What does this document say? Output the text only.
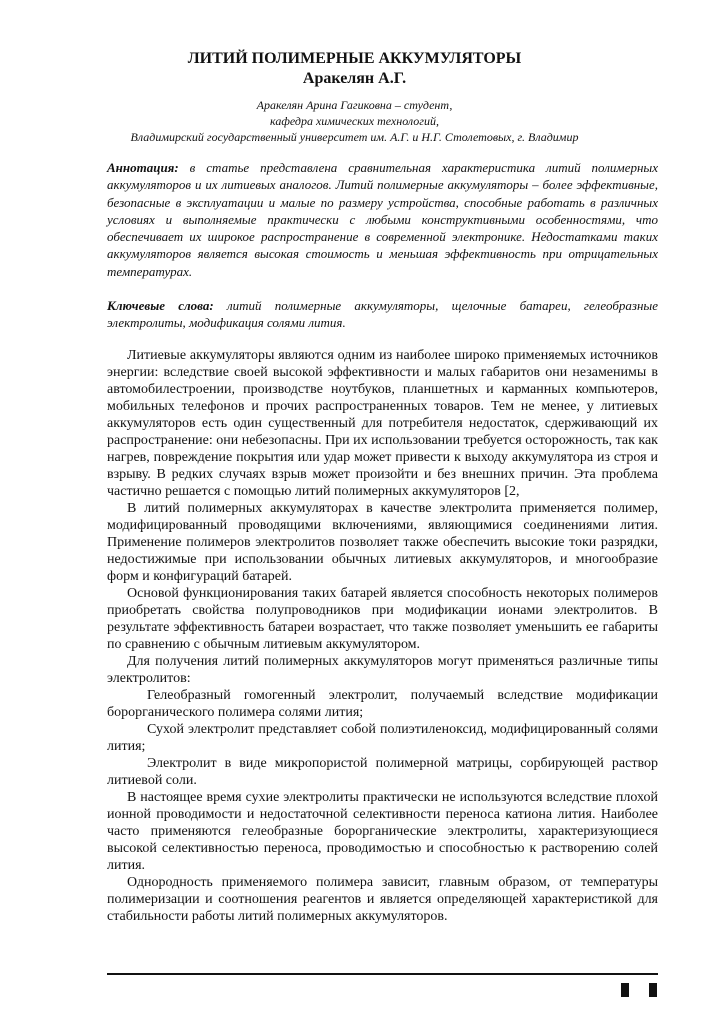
ЛИТИЙ ПОЛИМЕРНЫЕ АККУМУЛЯТОРЫ
Аракелян А.Г.
Аракелян Арина Гагиковна – студент,
кафедра химических технологий,
Владимирский государственный университет им. А.Г. и Н.Г. Столетовых, г. Владимир
Аннотация: в статье представлена сравнительная характеристика литий полимерных аккумуляторов и их литиевых аналогов. Литий полимерные аккумуляторы – более эффективные, безопасные в эксплуатации и малые по размеру устройства, способные работать в различных условиях и выполняемые практически с любыми конструктивными особенностями, что обеспечивает их широкое распространение в современной электронике. Недостатками таких аккумуляторов является высокая стоимость и меньшая эффективность при отрицательных температурах.
Ключевые слова: литий полимерные аккумуляторы, щелочные батареи, гелеобразные электролиты, модификация солями лития.

Литиевые аккумуляторы являются одним из наиболее широко применяемых источников энергии: вследствие своей высокой эффективности и малых габаритов они незаменимы в автомобилестроении, производстве ноутбуков, планшетных и карманных компьютеров, мобильных телефонов и прочих распространенных товаров. Тем не менее, у литиевых аккумуляторов есть один существенный для потребителя недостаток, сдерживающий их распространение: они небезопасны. При их использовании требуется осторожность, так как нагрев, повреждение покрытия или удар может привести к выходу аккумулятора из строя и взрыву. В редких случаях взрыв может произойти и без внешних причин. Эта проблема частично решается с помощью литий полимерных аккумуляторов [2,

В литий полимерных аккумуляторах в качестве электролита применяется полимер, модифицированный проводящими включениями, являющимися соединениями лития. Применение полимеров электролитов позволяет также обеспечить высокие токи разрядки, недостижимые при использовании обычных литиевых аккумуляторов, и многообразие форм и конфигураций батарей.

Основой функционирования таких батарей является способность некоторых полимеров приобретать свойства полупроводников при модификации ионами электролитов. В результате эффективность батареи возрастает, что также позволяет уменьшить ее габариты по сравнению с обычным литиевым аккумулятором.

Для получения литий полимерных аккумуляторов могут применяться различные типы электролитов:

Гелеобразный гомогенный электролит, получаемый вследствие модификации борорганического полимера солями лития;

Сухой электролит представляет собой полиэтиленоксид, модифицированный солями лития;

Электролит в виде микропористой полимерной матрицы, сорбирующей раствор литиевой соли.

В настоящее время сухие электролиты практически не используются вследствие плохой ионной проводимости и недостаточной селективности переноса катиона лития. Наиболее часто применяются гелеобразные борорганические электролиты, характеризующиеся высокой селективностью переноса, проводимостью и способностью к растворению солей лития.

Однородность применяемого полимера зависит, главным образом, от температуры полимеризации и соотношения реагентов и является определяющей характеристикой для стабильности работы литий полимерных аккумуляторов.
